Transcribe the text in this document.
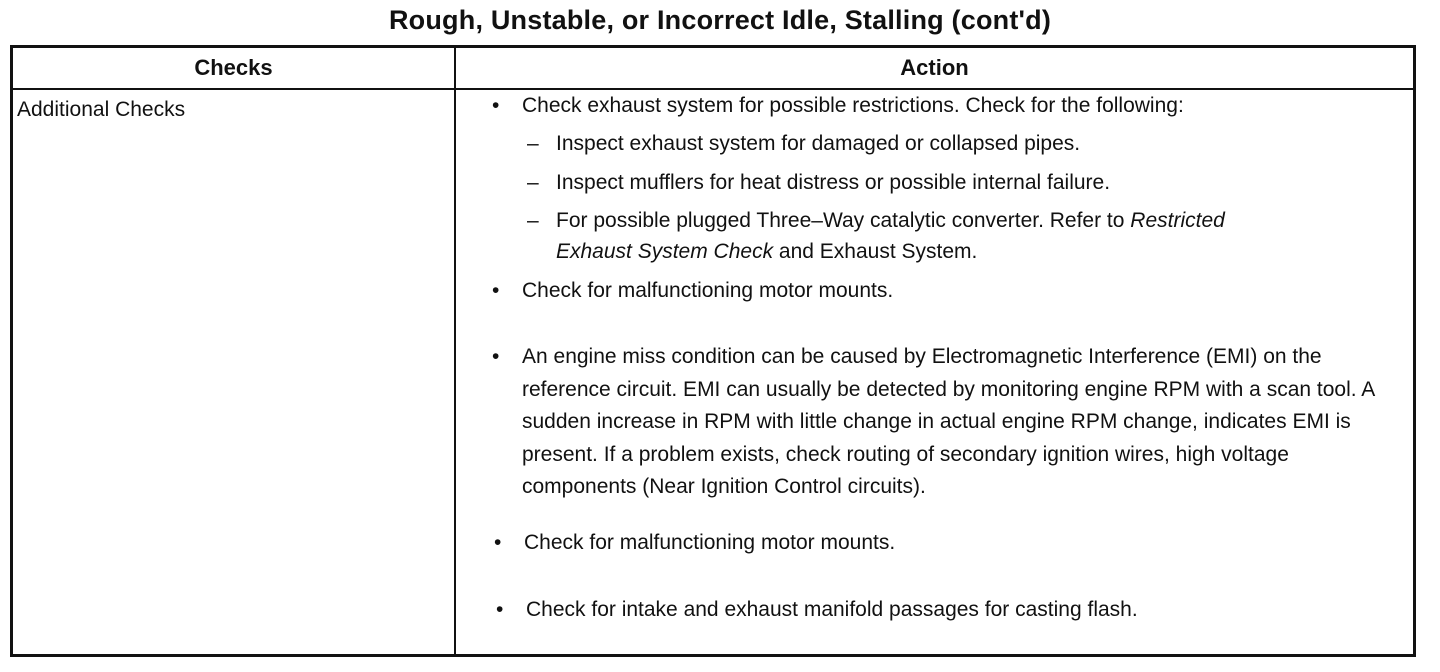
Rough, Unstable, or Incorrect Idle, Stalling (cont'd)
Checks	Action
Additional Checks	• Check exhaust system for possible restrictions. Check for the following:
– Inspect exhaust system for damaged or collapsed pipes.
– Inspect mufflers for heat distress or possible internal failure.
– For possible plugged Three–Way catalytic converter. Refer to Restricted
Exhaust System Check and Exhaust System.
• Check for malfunctioning motor mounts.
• An engine miss condition can be caused by Electromagnetic Interference (EMI) on the reference circuit. EMI can usually be detected by monitoring engine RPM with a scan tool. A sudden increase in RPM with little change in actual engine RPM change, indicates EMI is present. If a problem exists, check routing of secondary ignition wires, high voltage components (Near Ignition Control circuits).
• Check for malfunctioning motor mounts.
• Check for intake and exhaust manifold passages for casting flash.
